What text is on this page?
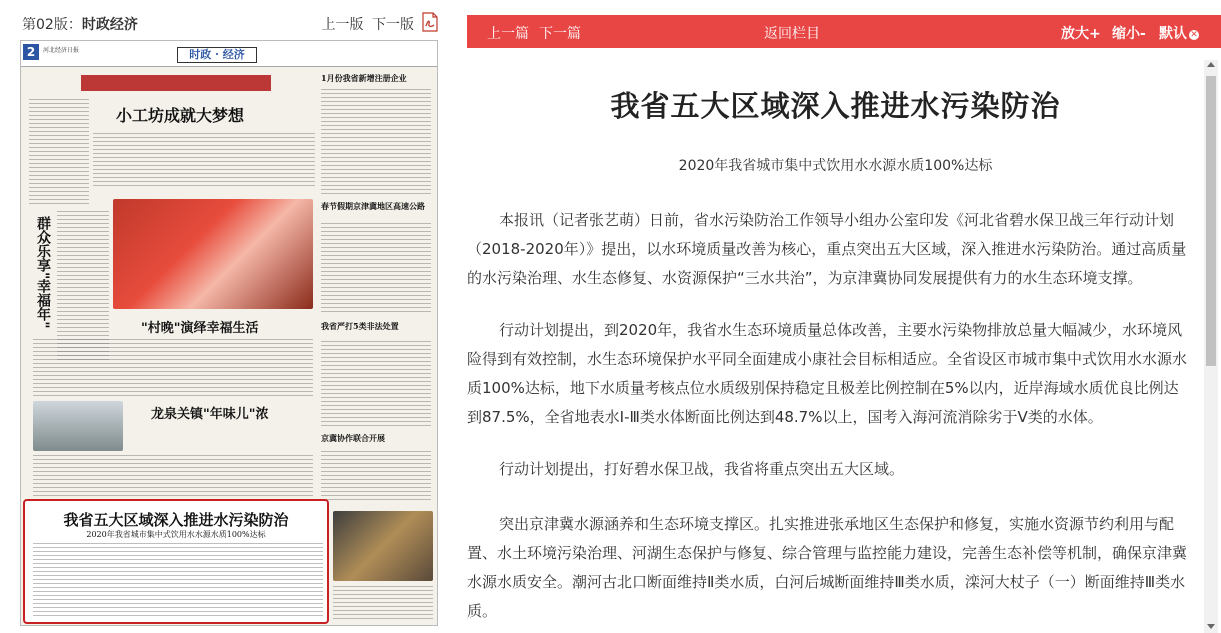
第02版：时政经济	上一版 下一版
2	河北经济日报	时政 · 经济
小工坊成就大梦想
1月份我省新增注册企业
群众乐享"幸福年"
春节假期京津冀地区高速公路
"村晚"演绎幸福生活	我省严打5类非法处置
龙泉关镇"年味儿"浓
京冀协作联合开展
我省五大区域深入推进水污染防治
2020年我省城市集中式饮用水水源水质100%达标
上一篇 下一篇	返回栏目	放大+ 缩小- 默认 ✕
我省五大区域深入推进水污染防治
2020年我省城市集中式饮用水水源水质100%达标

本报讯（记者张艺萌）日前，省水污染防治工作领导小组办公室印发《河北省碧水保卫战三年行动计划（2018-2020年）》提出，以水环境质量改善为核心，重点突出五大区域，深入推进水污染防治。通过高质量的水污染治理、水生态修复、水资源保护“三水共治”，为京津冀协同发展提供有力的水生态环境支撑。

行动计划提出，到2020年，我省水生态环境质量总体改善，主要水污染物排放总量大幅减少，水环境风险得到有效控制，水生态环境保护水平同全面建成小康社会目标相适应。全省设区市城市集中式饮用水水源水质100%达标，地下水质量考核点位水质级别保持稳定且极差比例控制在5%以内，近岸海域水质优良比例达到87.5%，全省地表水Ⅰ-Ⅲ类水体断面比例达到48.7%以上，国考入海河流消除劣于Ⅴ类的水体。

行动计划提出，打好碧水保卫战，我省将重点突出五大区域。

突出京津冀水源涵养和生态环境支撑区。扎实推进张承地区生态保护和修复，实施水资源节约利用与配置、水土环境污染治理、河湖生态保护与修复、综合管理与监控能力建设，完善生态补偿等机制，确保京津冀水源水质安全。潮河古北口断面维持Ⅱ类水质，白河后城断面维持Ⅲ类水质，滦河大杖子（一）断面维持Ⅲ类水质。
